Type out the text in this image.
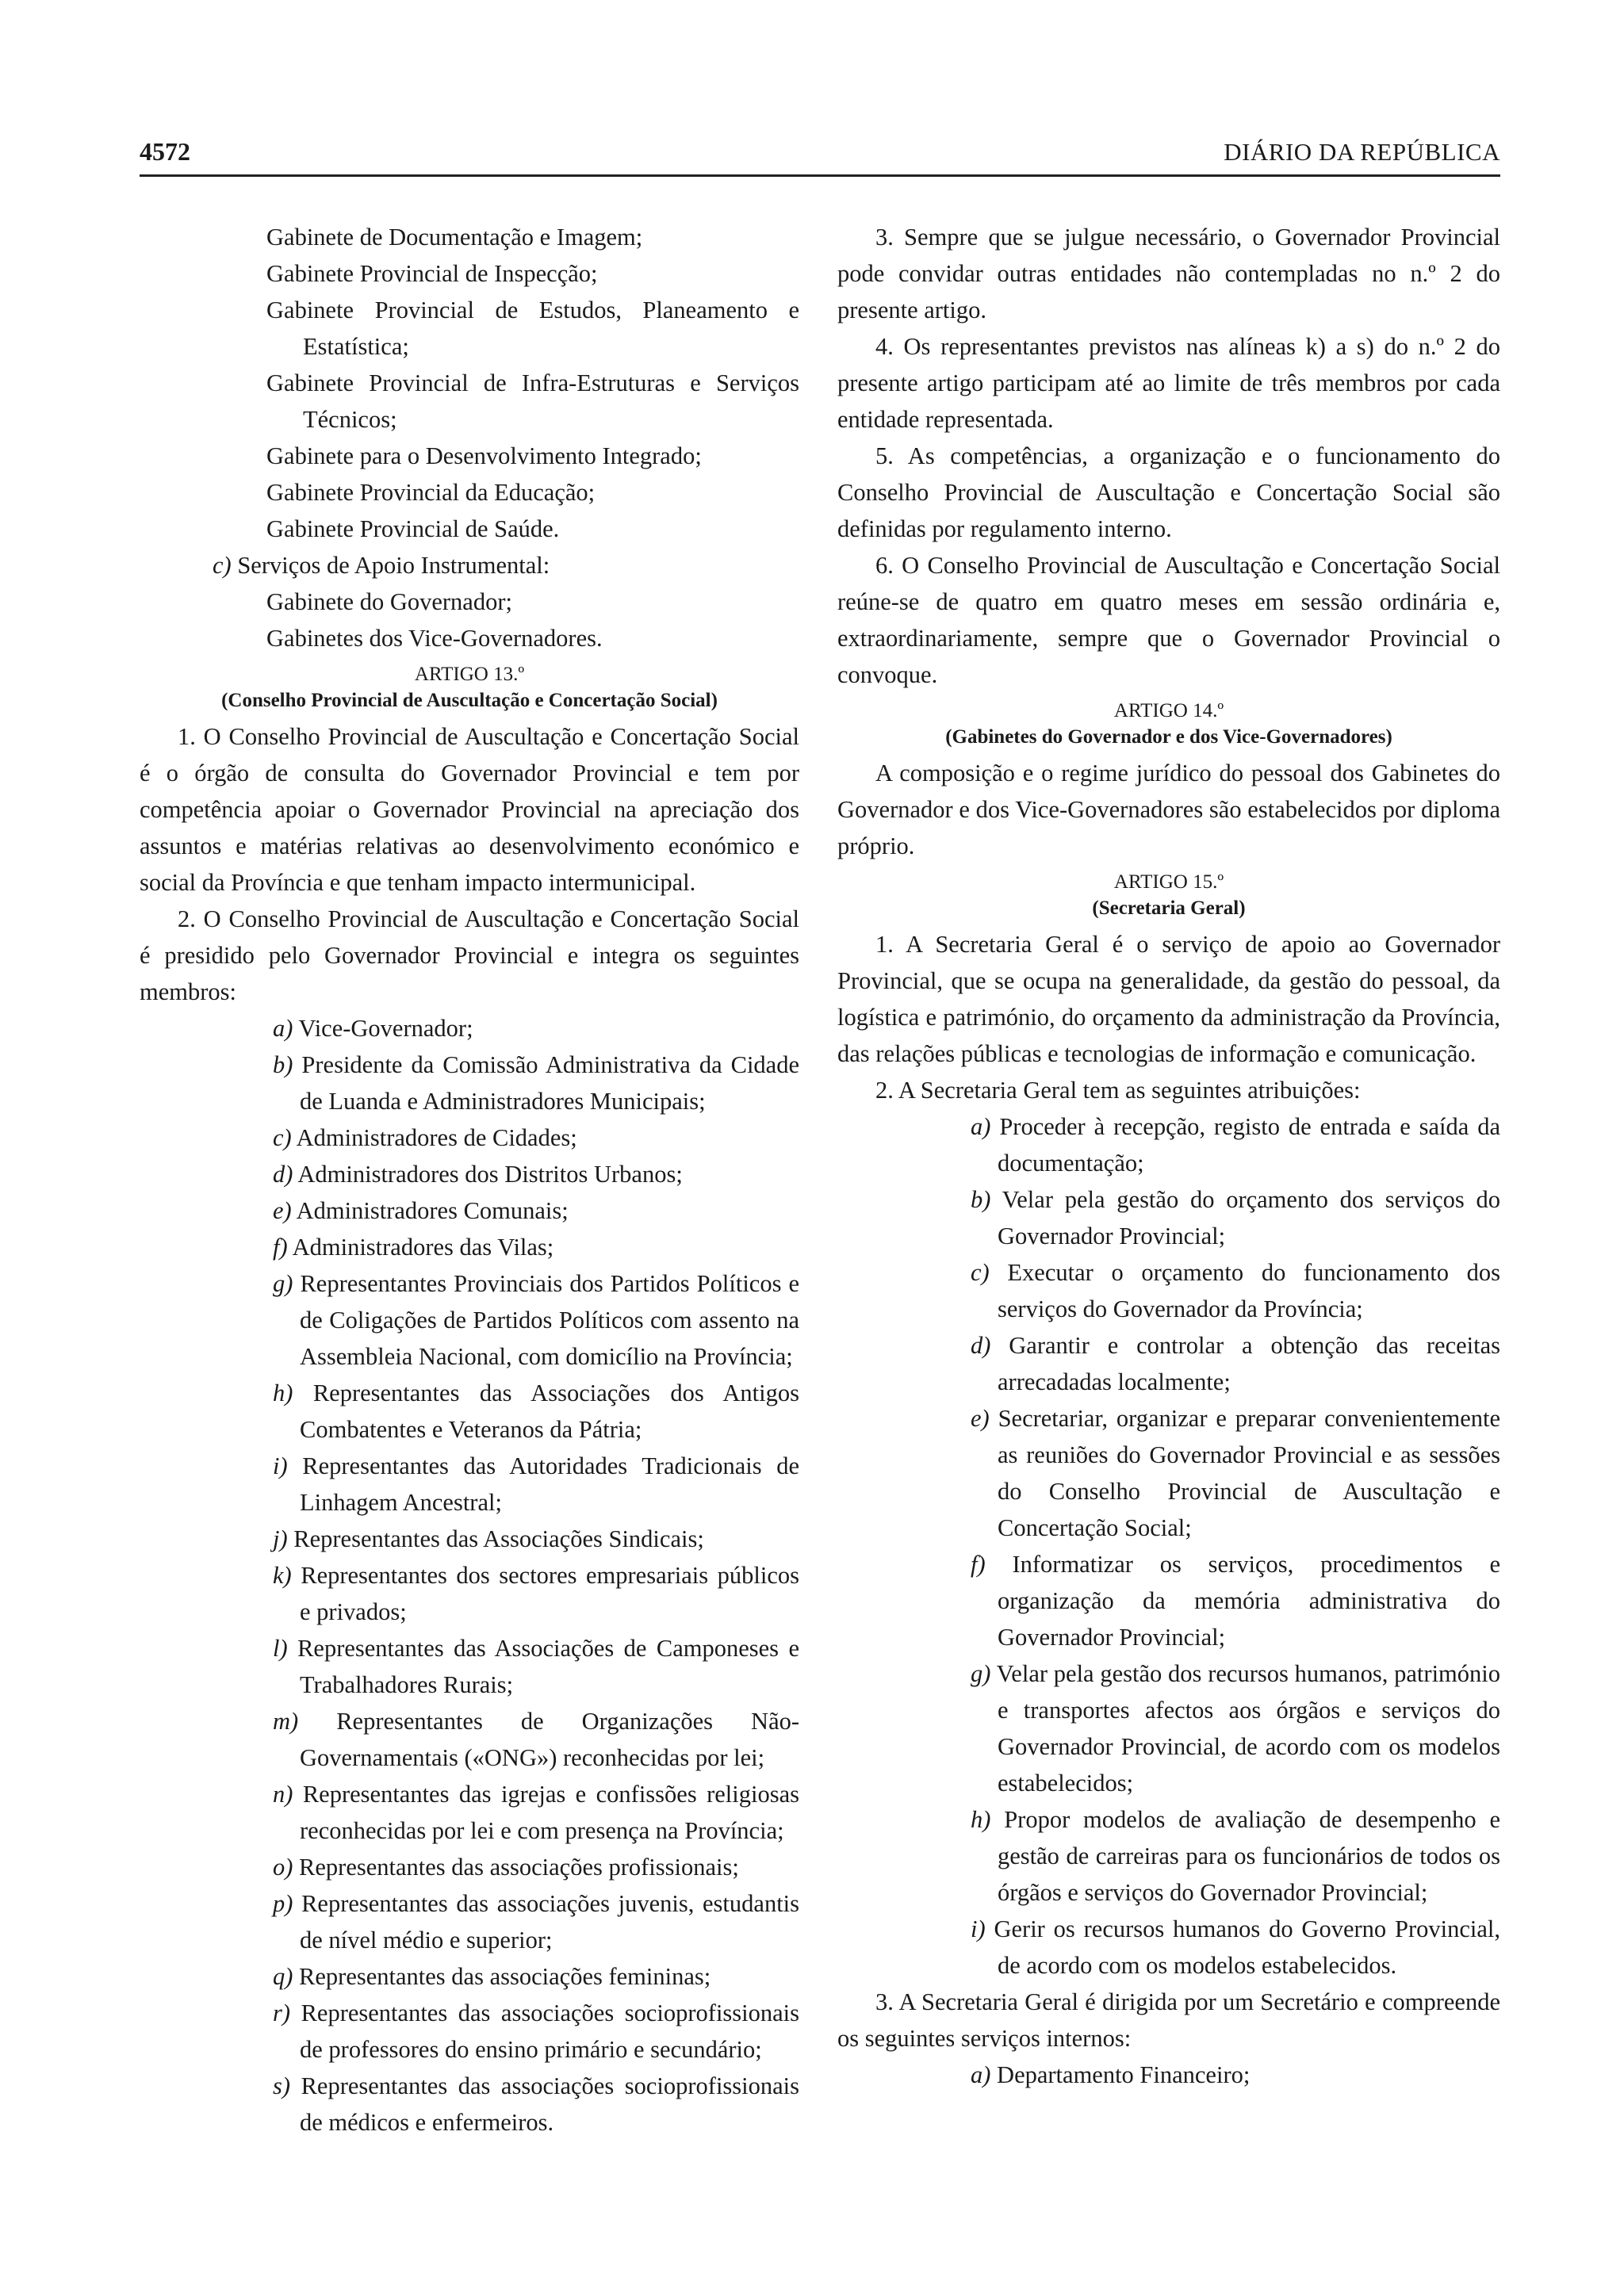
4572	DIÁRIO DA REPÚBLICA

Gabinete de Documentação e Imagem;

Gabinete Provincial de Inspecção;

Gabinete Provincial de Estudos, Planeamento e Estatística;

Gabinete Provincial de Infra-Estruturas e Serviços Técnicos;

Gabinete para o Desenvolvimento Integrado;

Gabinete Provincial da Educação;

Gabinete Provincial de Saúde.

c) Serviços de Apoio Instrumental:

Gabinete do Governador;

Gabinetes dos Vice-Governadores.

ARTIGO 13.º
(Conselho Provincial de Auscultação e Concertação Social)

1. O Conselho Provincial de Auscultação e Concertação Social é o órgão de consulta do Governador Provincial e tem por competência apoiar o Governador Provincial na apreciação dos assuntos e matérias relativas ao desenvolvimento económico e social da Província e que tenham impacto intermunicipal.

2. O Conselho Provincial de Auscultação e Concertação Social é presidido pelo Governador Provincial e integra os seguintes membros:

a) Vice-Governador;

b) Presidente da Comissão Administrativa da Cidade de Luanda e Administradores Municipais;

c) Administradores de Cidades;

d) Administradores dos Distritos Urbanos;

e) Administradores Comunais;

f) Administradores das Vilas;

g) Representantes Provinciais dos Partidos Políticos e de Coligações de Partidos Políticos com assento na Assembleia Nacional, com domicílio na Província;

h) Representantes das Associações dos Antigos Combatentes e Veteranos da Pátria;

i) Representantes das Autoridades Tradicionais de Linhagem Ancestral;

j) Representantes das Associações Sindicais;

k) Representantes dos sectores empresariais públicos e privados;

l) Representantes das Associações de Camponeses e Trabalhadores Rurais;

m) Representantes de Organizações Não-Governamentais («ONG») reconhecidas por lei;

n) Representantes das igrejas e confissões religiosas reconhecidas por lei e com presença na Província;

o) Representantes das associações profissionais;

p) Representantes das associações juvenis, estudantis de nível médio e superior;

q) Representantes das associações femininas;

r) Representantes das associações socioprofissionais de professores do ensino primário e secundário;

s) Representantes das associações socioprofissionais de médicos e enfermeiros.

3. Sempre que se julgue necessário, o Governador Provincial pode convidar outras entidades não contempladas no n.º 2 do presente artigo.

4. Os representantes previstos nas alíneas k) a s) do n.º 2 do presente artigo participam até ao limite de três membros por cada entidade representada.

5. As competências, a organização e o funcionamento do Conselho Provincial de Auscultação e Concertação Social são definidas por regulamento interno.

6. O Conselho Provincial de Auscultação e Concertação Social reúne-se de quatro em quatro meses em sessão ordinária e, extraordinariamente, sempre que o Governador Provincial o convoque.

ARTIGO 14.º
(Gabinetes do Governador e dos Vice-Governadores)

A composição e o regime jurídico do pessoal dos Gabinetes do Governador e dos Vice-Governadores são estabelecidos por diploma próprio.

ARTIGO 15.º
(Secretaria Geral)

1. A Secretaria Geral é o serviço de apoio ao Governador Provincial, que se ocupa na generalidade, da gestão do pessoal, da logística e património, do orçamento da administração da Província, das relações públicas e tecnologias de informação e comunicação.

2. A Secretaria Geral tem as seguintes atribuições:

a) Proceder à recepção, registo de entrada e saída da documentação;

b) Velar pela gestão do orçamento dos serviços do Governador Provincial;

c) Executar o orçamento do funcionamento dos serviços do Governador da Província;

d) Garantir e controlar a obtenção das receitas arrecadadas localmente;

e) Secretariar, organizar e preparar convenientemente as reuniões do Governador Provincial e as sessões do Conselho Provincial de Auscultação e Concertação Social;

f) Informatizar os serviços, procedimentos e organização da memória administrativa do Governador Provincial;

g) Velar pela gestão dos recursos humanos, património e transportes afectos aos órgãos e serviços do Governador Provincial, de acordo com os modelos estabelecidos;

h) Propor modelos de avaliação de desempenho e gestão de carreiras para os funcionários de todos os órgãos e serviços do Governador Provincial;

i) Gerir os recursos humanos do Governo Provincial, de acordo com os modelos estabelecidos.

3. A Secretaria Geral é dirigida por um Secretário e compreende os seguintes serviços internos:

a) Departamento Financeiro;
